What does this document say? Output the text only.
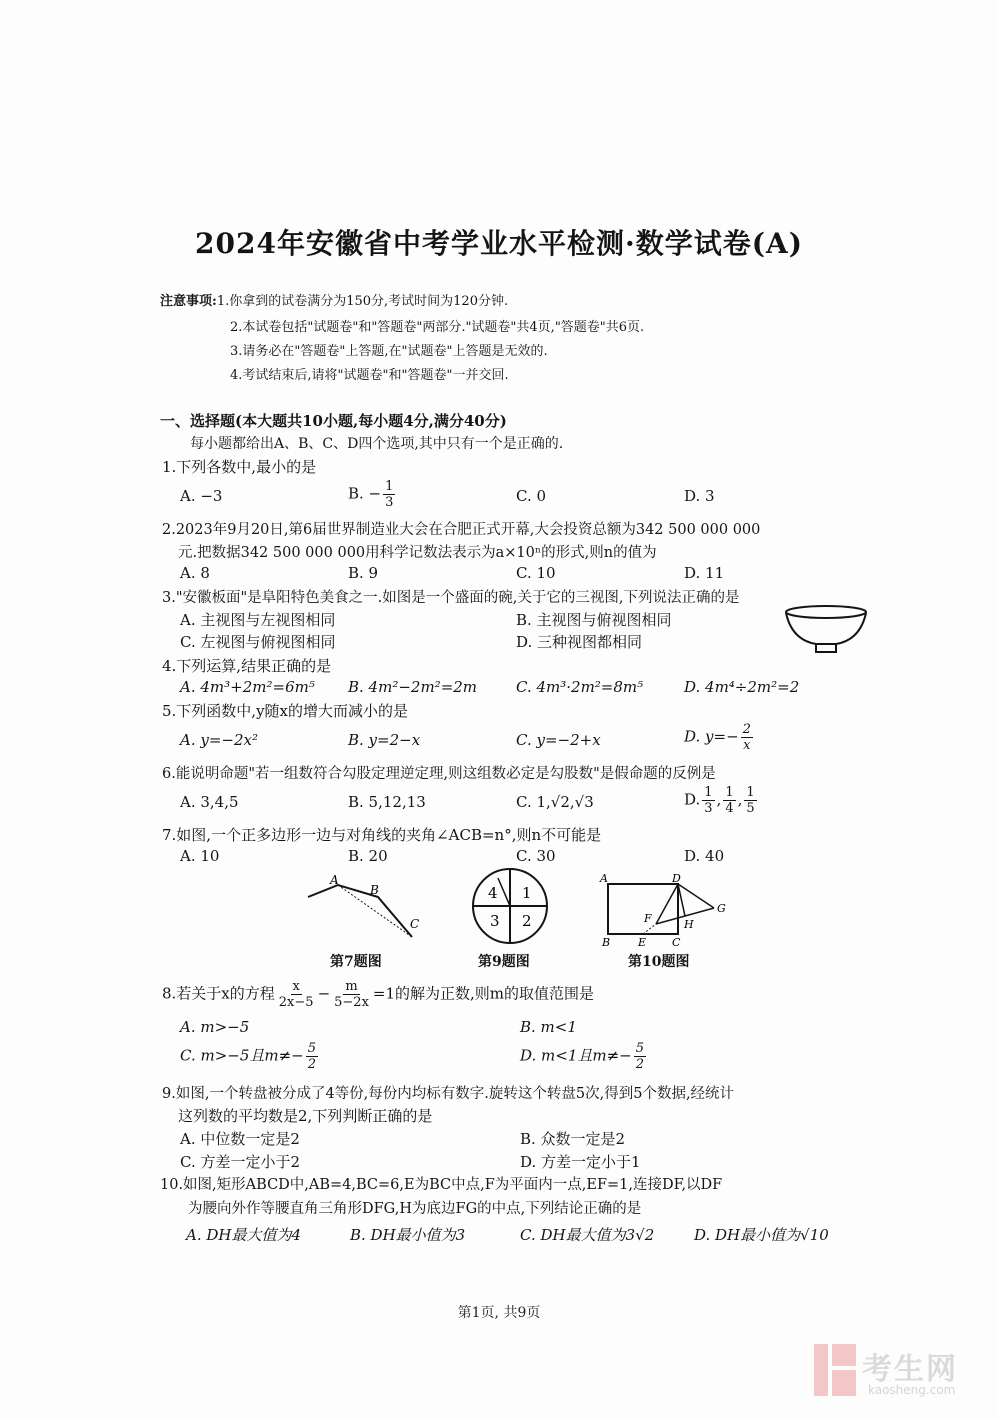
2024年安徽省中考学业水平检测·数学试卷(A)
注意事项:1.你拿到的试卷满分为150分,考试时间为120分钟.
2.本试卷包括"试题卷"和"答题卷"两部分."试题卷"共4页,"答题卷"共6页.
3.请务必在"答题卷"上答题,在"试题卷"上答题是无效的.
4.考试结束后,请将"试题卷"和"答题卷"一并交回.
一、选择题(本大题共10小题,每小题4分,满分40分)
每小题都给出A、B、C、D四个选项,其中只有一个是正确的.
1.下列各数中,最小的是
A. −3	B. − $\frac{1}{3}$	C. 0	D. 3
2.2023年9月20日,第6届世界制造业大会在合肥正式开幕,大会投资总额为342 500 000 000
元.把数据342 500 000 000用科学记数法表示为a×10ⁿ的形式,则n的值为
A. 8	B. 9	C. 10	D. 11
3."安徽板面"是阜阳特色美食之一.如图是一个盛面的碗,关于它的三视图,下列说法正确的是
A. 主视图与左视图相同	B. 主视图与俯视图相同
C. 左视图与俯视图相同	D. 三种视图都相同
4.下列运算,结果正确的是
A. 4m³+2m²=6m⁵ B. 4m²−2m²=2m	C. 4m³·2m²=8m⁵	D. 4m⁴÷2m²=2
5.下列函数中,y随x的增大而减小的是
A. y=−2x²	B. y=2−x	C. y=−2+x	D. $y=- \frac{2}{x}$
6.能说明命题"若一组数符合勾股定理逆定理,则这组数必定是勾股数"是假命题的反例是
A. 3,4,5	B. 5,12,13	C. 1,√2,√3	D. $\frac{1}{3}$ , $\frac{1}{4}$ , $\frac{1}{5}$
7.如图,一个正多边形一边与对角线的夹角∠ACB=n°,则n不可能是
A. 10	B. 20	C. 30	D. 40
A
B
C
第7题图
4 1
3 2
第9题图
A	D
G
F	H
B	E C
第10题图
8.若关于x的方程 $\frac{x}{2x-5} - \frac{m}{5-2x} =1$的解为正数,则m的取值范围是
A. m>−5	B. m<1
C. m>−5且$m\ne- \frac{5}{2}$	D. m<1且$m\ne- \frac{5}{2}$
9.如图,一个转盘被分成了4等份,每份内均标有数字.旋转这个转盘5次,得到5个数据,经统计
这列数的平均数是2,下列判断正确的是
A. 中位数一定是2	B. 众数一定是2
C. 方差一定小于2	D. 方差一定小于1
10.如图,矩形ABCD中,AB=4,BC=6,E为BC中点,F为平面内一点,EF=1,连接DF,以DF
为腰向外作等腰直角三角形DFG,H为底边FG的中点,下列结论正确的是
A. DH最大值为4	B. DH最小值为3	C. DH最大值为3√2	D. DH最小值为√10
第1页, 共9页
考生网
kaosheng.com
